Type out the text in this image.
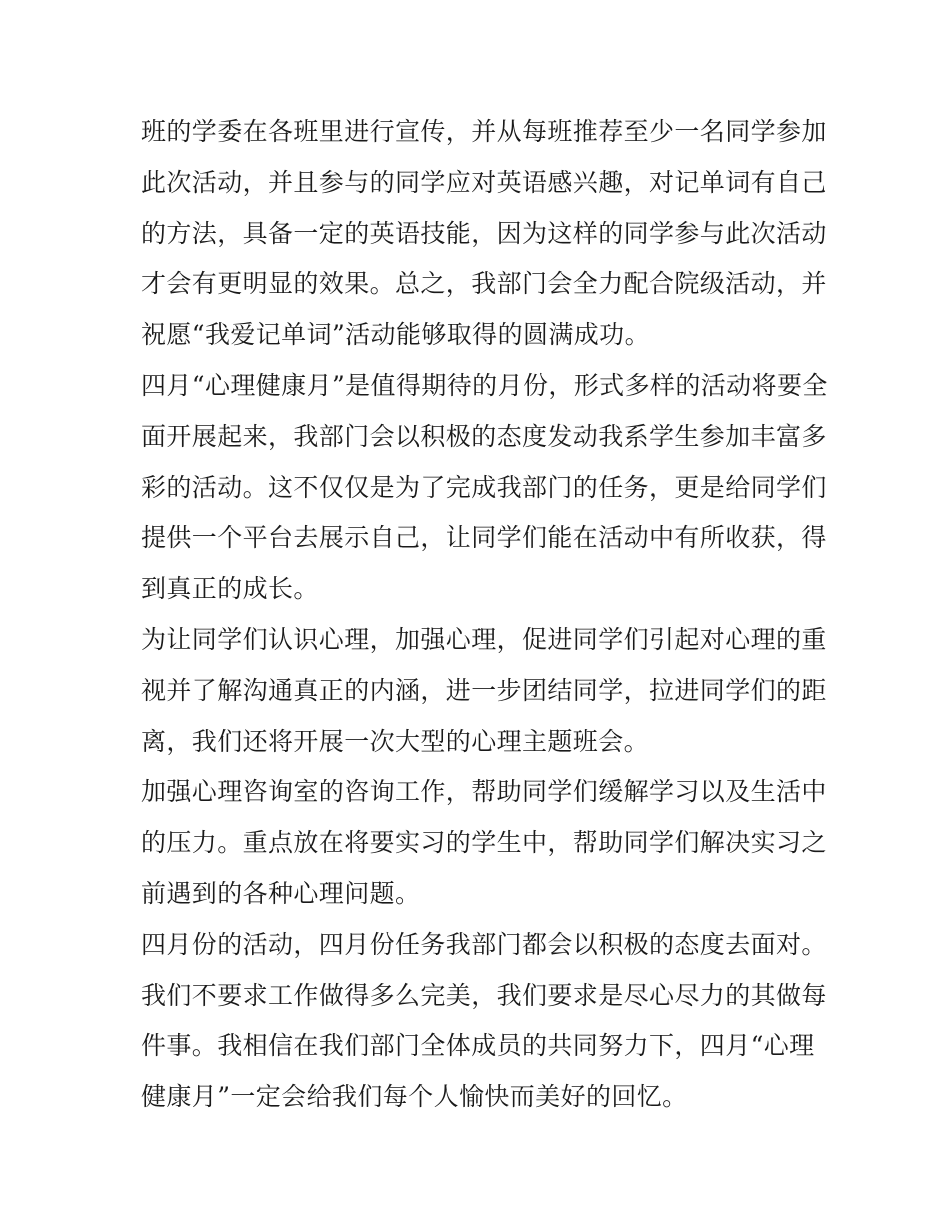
班的学委在各班里进行宣传，并从每班推荐至少一名同学参加
此次活动，并且参与的同学应对英语感兴趣，对记单词有自己
的方法，具备一定的英语技能，因为这样的同学参与此次活动
才会有更明显的效果。总之，我部门会全力配合院级活动，并
祝愿“我爱记单词”活动能够取得的圆满成功。
四月“心理健康月”是值得期待的月份，形式多样的活动将要全
面开展起来，我部门会以积极的态度发动我系学生参加丰富多
彩的活动。这不仅仅是为了完成我部门的任务，更是给同学们
提供一个平台去展示自己，让同学们能在活动中有所收获，得
到真正的成长。
为让同学们认识心理，加强心理，促进同学们引起对心理的重
视并了解沟通真正的内涵，进一步团结同学，拉进同学们的距
离，我们还将开展一次大型的心理主题班会。
加强心理咨询室的咨询工作，帮助同学们缓解学习以及生活中
的压力。重点放在将要实习的学生中，帮助同学们解决实习之
前遇到的各种心理问题。
四月份的活动，四月份任务我部门都会以积极的态度去面对。
我们不要求工作做得多么完美，我们要求是尽心尽力的其做每
件事。我相信在我们部门全体成员的共同努力下，四月“心理
健康月”一定会给我们每个人愉快而美好的回忆。
